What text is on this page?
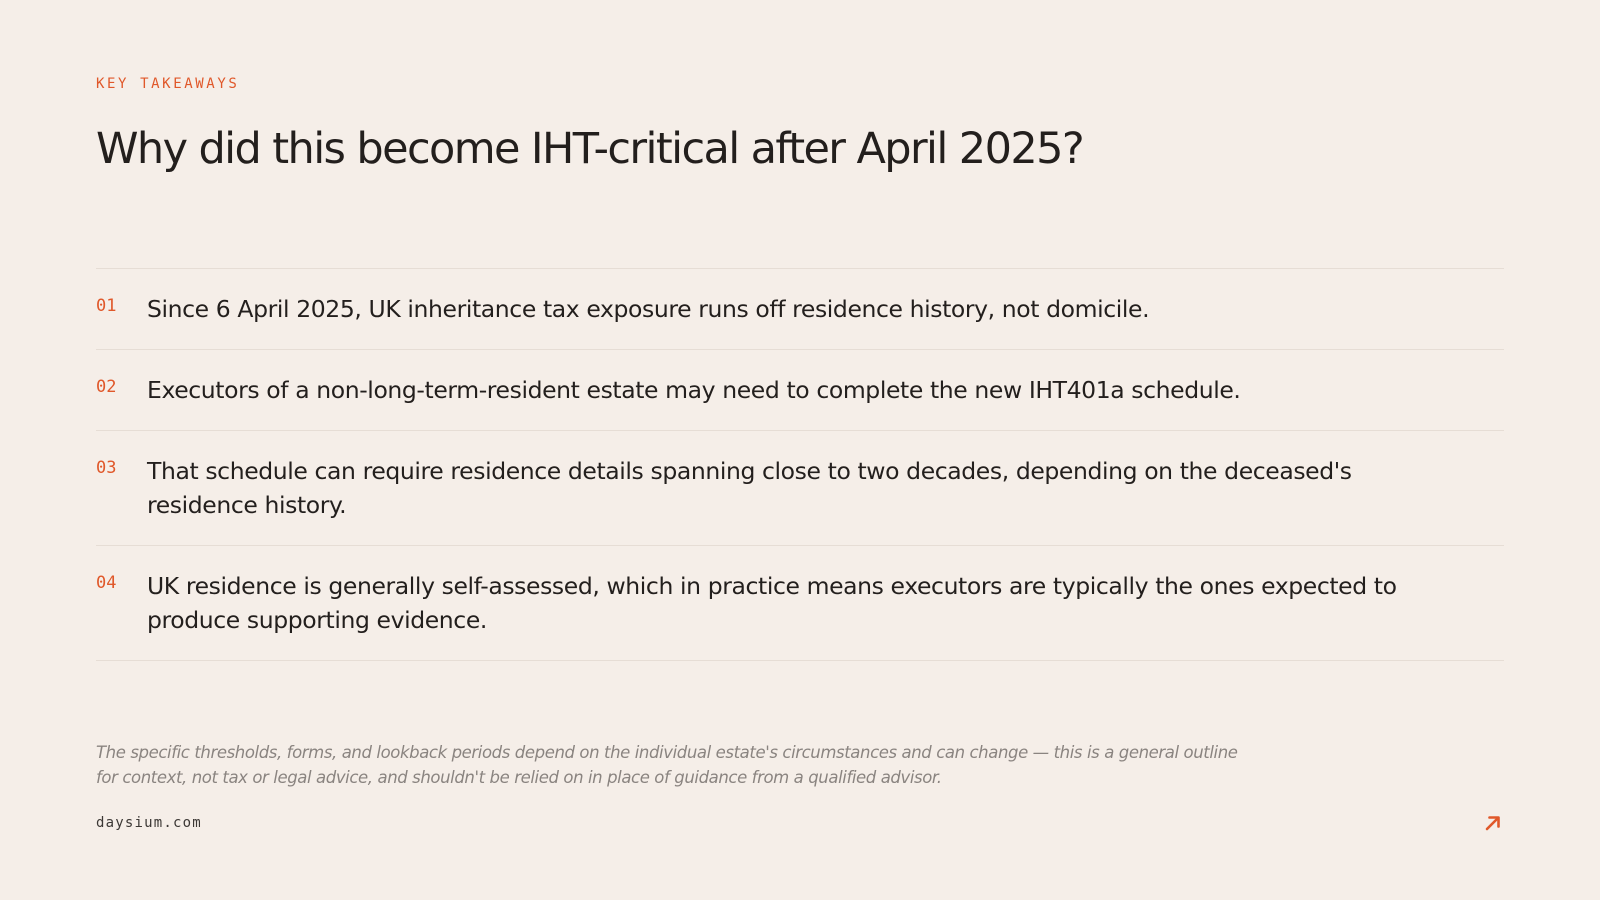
KEY TAKEAWAYS
Why did this become IHT-critical after April 2025?
01	Since 6 April 2025, UK inheritance tax exposure runs off residence history, not domicile.
02	Executors of a non-long-term-resident estate may need to complete the new IHT401a schedule.
03	That schedule can require residence details spanning close to two decades, depending on the deceased's residence history.
04	UK residence is generally self-assessed, which in practice means executors are typically the ones expected to produce supporting evidence.
The specific thresholds, forms, and lookback periods depend on the individual estate's circumstances and can change — this is a general outline for context, not tax or legal advice, and shouldn't be relied on in place of guidance from a qualified advisor.
daysium.com
